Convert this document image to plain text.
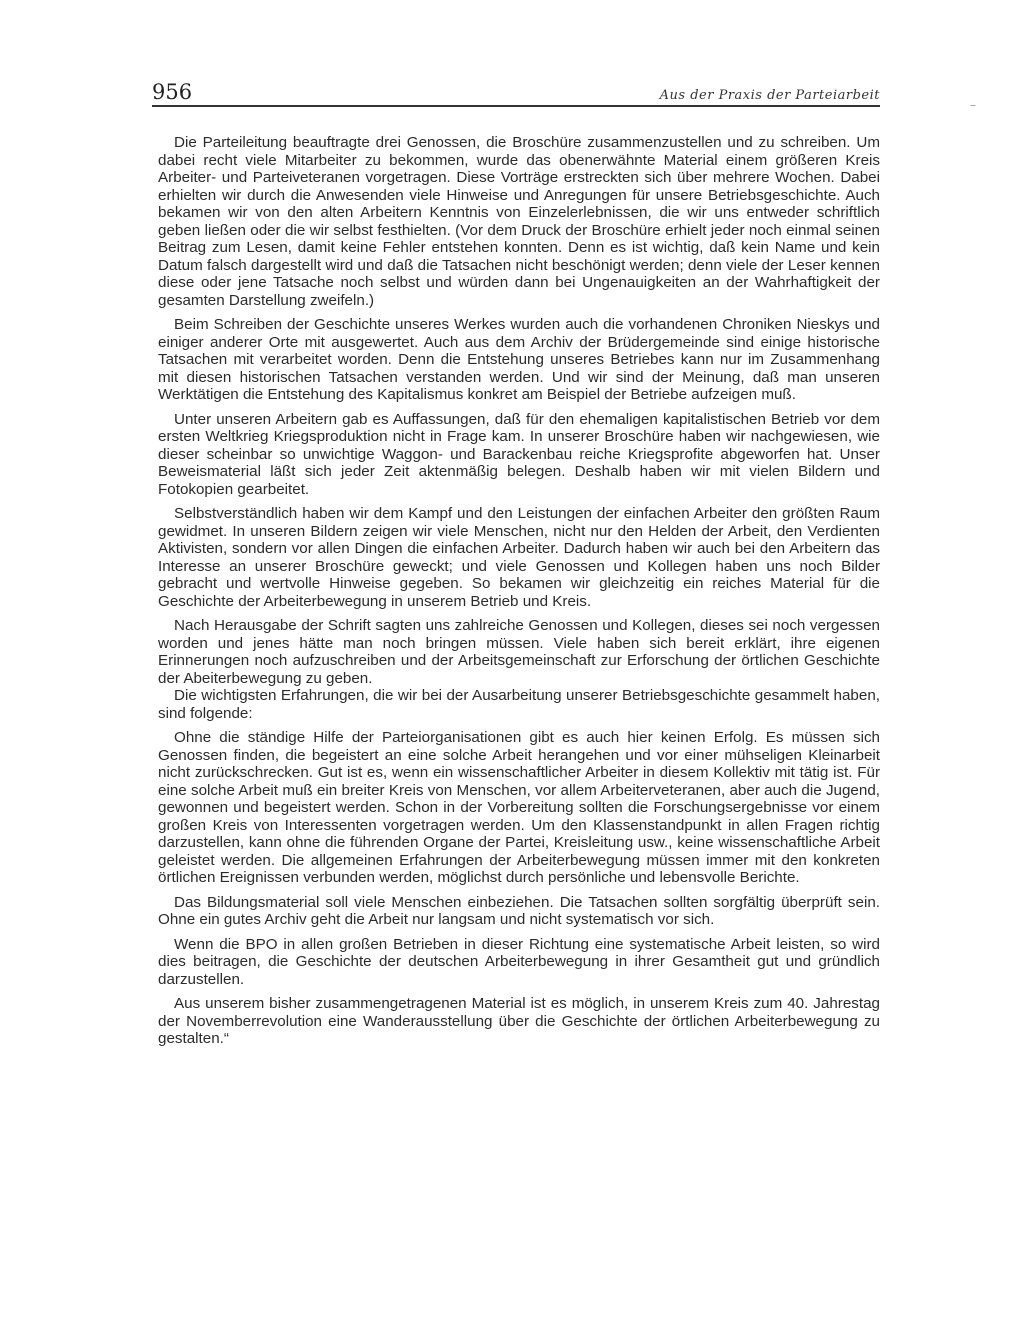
956	Aus der Praxis der Parteiarbeit

Die Parteileitung beauftragte drei Genossen, die Broschüre zusammenzustellen und zu schreiben. Um dabei recht viele Mitarbeiter zu bekommen, wurde das obenerwähnte Material einem größeren Kreis Arbeiter- und Parteiveteranen vorgetragen. Diese Vorträge erstreckten sich über mehrere Wochen. Dabei erhielten wir durch die Anwesenden viele Hinweise und Anregungen für unsere Betriebsgeschichte. Auch bekamen wir von den alten Arbeitern Kenntnis von Einzelerlebnissen, die wir uns entweder schriftlich geben ließen oder die wir selbst festhielten. (Vor dem Druck der Broschüre erhielt jeder noch einmal seinen Beitrag zum Lesen, damit keine Fehler entstehen konnten. Denn es ist wichtig, daß kein Name und kein Datum falsch dargestellt wird und daß die Tatsachen nicht beschönigt werden; denn viele der Leser kennen diese oder jene Tatsache noch selbst und würden dann bei Ungenauigkeiten an der Wahrhaftigkeit der gesamten Darstellung zweifeln.)

Beim Schreiben der Geschichte unseres Werkes wurden auch die vorhandenen Chroniken Nieskys und einiger anderer Orte mit ausgewertet. Auch aus dem Archiv der Brüdergemeinde sind einige historische Tatsachen mit verarbeitet worden. Denn die Entstehung unseres Betriebes kann nur im Zusammenhang mit diesen historischen Tatsachen verstanden werden. Und wir sind der Meinung, daß man unseren Werktätigen die Entstehung des Kapitalismus konkret am Beispiel der Betriebe aufzeigen muß.

Unter unseren Arbeitern gab es Auffassungen, daß für den ehemaligen kapitalistischen Betrieb vor dem ersten Weltkrieg Kriegsproduktion nicht in Frage kam. In unserer Broschüre haben wir nachgewiesen, wie dieser scheinbar so unwichtige Waggon- und Barackenbau reiche Kriegsprofite abgeworfen hat. Unser Beweismaterial läßt sich jeder Zeit aktenmäßig belegen. Deshalb haben wir mit vielen Bildern und Fotokopien gearbeitet.

Selbstverständlich haben wir dem Kampf und den Leistungen der einfachen Arbeiter den größten Raum gewidmet. In unseren Bildern zeigen wir viele Menschen, nicht nur den Helden der Arbeit, den Verdienten Aktivisten, sondern vor allen Dingen die einfachen Arbeiter. Dadurch haben wir auch bei den Arbeitern das Interesse an unserer Broschüre geweckt; und viele Genossen und Kollegen haben uns noch Bilder gebracht und wertvolle Hinweise gegeben. So bekamen wir gleichzeitig ein reiches Material für die Geschichte der Arbeiterbewegung in unserem Betrieb und Kreis.

Nach Herausgabe der Schrift sagten uns zahlreiche Genossen und Kollegen, dieses sei noch vergessen worden und jenes hätte man noch bringen müssen. Viele haben sich bereit erklärt, ihre eigenen Erinnerungen noch aufzuschreiben und der Arbeitsgemeinschaft zur Erforschung der örtlichen Geschichte der Abeiterbewegung zu geben.

Die wichtigsten Erfahrungen, die wir bei der Ausarbeitung unserer Betriebsgeschichte gesammelt haben, sind folgende:

Ohne die ständige Hilfe der Parteiorganisationen gibt es auch hier keinen Erfolg. Es müssen sich Genossen finden, die begeistert an eine solche Arbeit herangehen und vor einer mühseligen Kleinarbeit nicht zurückschrecken. Gut ist es, wenn ein wissenschaftlicher Arbeiter in diesem Kollektiv mit tätig ist. Für eine solche Arbeit muß ein breiter Kreis von Menschen, vor allem Arbeiterveteranen, aber auch die Jugend, gewonnen und begeistert werden. Schon in der Vorbereitung sollten die Forschungsergebnisse vor einem großen Kreis von Interessenten vorgetragen werden. Um den Klassenstandpunkt in allen Fragen richtig darzustellen, kann ohne die führenden Organe der Partei, Kreisleitung usw., keine wissenschaftliche Arbeit geleistet werden. Die allgemeinen Erfahrungen der Arbeiterbewegung müssen immer mit den konkreten örtlichen Ereignissen verbunden werden, möglichst durch persönliche und lebensvolle Berichte.

Das Bildungsmaterial soll viele Menschen einbeziehen. Die Tatsachen sollten sorgfältig überprüft sein. Ohne ein gutes Archiv geht die Arbeit nur langsam und nicht systematisch vor sich.

Wenn die BPO in allen großen Betrieben in dieser Richtung eine systematische Arbeit leisten, so wird dies beitragen, die Geschichte der deutschen Arbeiterbewegung in ihrer Gesamtheit gut und gründlich darzustellen.

Aus unserem bisher zusammengetragenen Material ist es möglich, in unserem Kreis zum 40. Jahrestag der Novemberrevolution eine Wanderausstellung über die Geschichte der örtlichen Arbeiterbewegung zu gestalten.“

–
